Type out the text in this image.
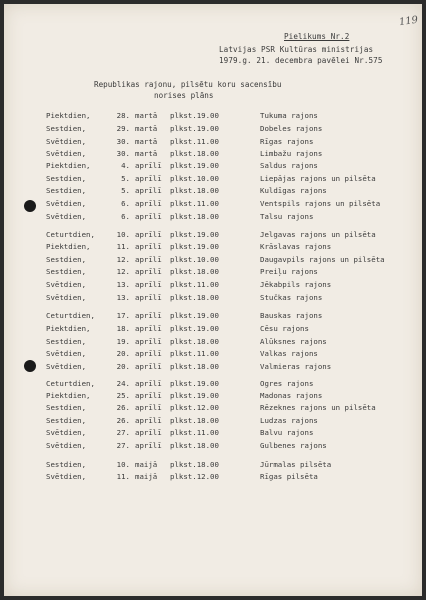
119
Pielikums Nr.2
Latvijas PSR Kultūras ministrijas
1979.g. 21. decembra pavēlei Nr.575
Republikas rajonu, pilsētu koru sacensību
norises plāns
Piektdien,	28. martā plkst.19.00	Tukuma rajons
Sestdien,	29. martā plkst.19.00	Dobeles rajons
Svētdien,	30. martā plkst.11.00	Rīgas rajons
Svētdien,	30. martā plkst.18.00	Limbažu rajons
Piektdien,	4. aprīlī plkst.19.00	Saldus rajons
Sestdien,	5. aprīlī plkst.10.00	Liepājas rajons un pilsēta
Sestdien,	5. aprīlī plkst.18.00	Kuldīgas rajons
Svētdien,	6. aprīlī plkst.11.00	Ventspils rajons un pilsēta
Svētdien,	6. aprīlī plkst.18.00	Talsu rajons
Ceturtdien,	10. aprīlī plkst.19.00	Jelgavas rajons un pilsēta
Piektdien,	11. aprīlī plkst.19.00	Krāslavas rajons
Sestdien,	12. aprīlī plkst.10.00	Daugavpils rajons un pilsēta
Sestdien,	12. aprīlī plkst.18.00	Preiļu rajons
Svētdien,	13. aprīlī plkst.11.00	Jēkabpils rajons
Svētdien,	13. aprīlī plkst.18.00	Stučkas rajons
Ceturtdien,	17. aprīlī plkst.19.00	Bauskas rajons
Piektdien,	18. aprīlī plkst.19.00	Cēsu rajons
Sestdien,	19. aprīlī plkst.18.00	Alūksnes rajons
Svētdien,	20. aprīlī plkst.11.00	Valkas rajons
Svētdien,	20. aprīlī plkst.18.00	Valmieras rajons
Ceturtdien,	24. aprīlī plkst.19.00	Ogres rajons
Piektdien,	25. aprīlī plkst.19.00	Madonas rajons
Sestdien,	26. aprīlī plkst.12.00	Rēzeknes rajons un pilsēta
Sestdien,	26. aprīlī plkst.18.00	Ludzas rajons
Svētdien,	27. aprīlī plkst.11.00	Balvu rajons
Svētdien,	27. aprīlī plkst.18.00	Gulbenes rajons
Sestdien,	10. maijā plkst.18.00	Jūrmalas pilsēta
Svētdien,	11. maijā plkst.12.00	Rīgas pilsēta
